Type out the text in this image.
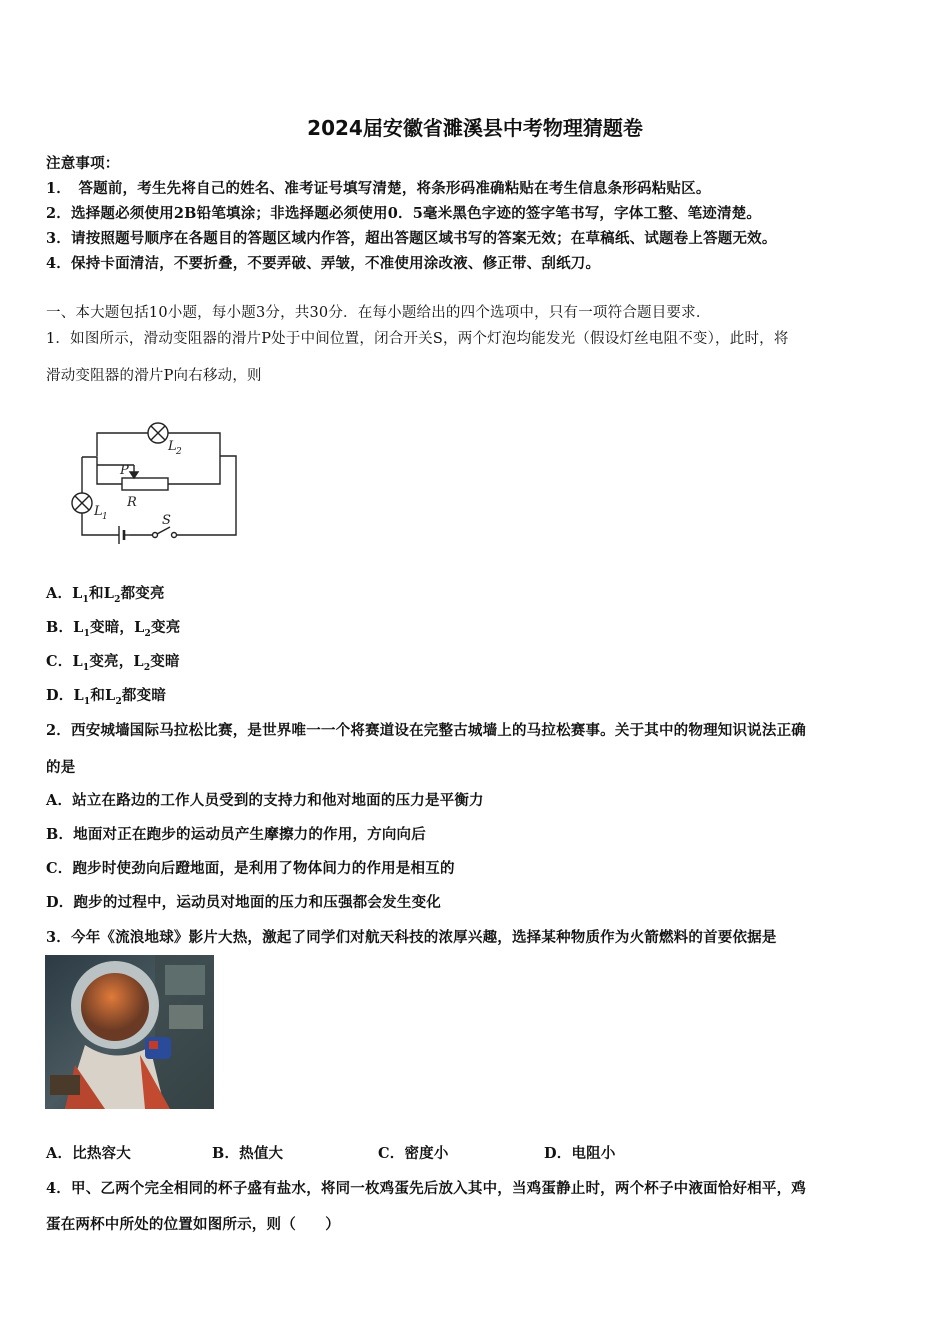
2024届安徽省濉溪县中考物理猜题卷
注意事项：
1．　答题前，考生先将自己的姓名、准考证号填写清楚，将条形码准确粘贴在考生信息条形码粘贴区。
2．选择题必须使用2B铅笔填涂；非选择题必须使用0．5毫米黑色字迹的签字笔书写，字体工整、笔迹清楚。
3．请按照题号顺序在各题目的答题区域内作答，超出答题区域书写的答案无效；在草稿纸、试题卷上答题无效。
4．保持卡面清洁，不要折叠，不要弄破、弄皱，不准使用涂改液、修正带、刮纸刀。
一、本大题包括10小题，每小题3分，共30分．在每小题给出的四个选项中，只有一项符合题目要求．
1．如图所示，滑动变阻器的滑片P处于中间位置，闭合开关S，两个灯泡均能发光（假设灯丝电阻不变），此时，将
滑动变阻器的滑片P向右移动，则
L 2
L 1
P
R
S
A．$L_1$和$L_2$都变亮
B．$L_1$变暗，$L_2$变亮
C．$L_1$变亮，$L_2$变暗
D．$L_1$和$L_2$都变暗
2．西安城墙国际马拉松比赛，是世界唯一一个将赛道设在完整古城墙上的马拉松赛事。关于其中的物理知识说法正确
的是
A．站立在路边的工作人员受到的支持力和他对地面的压力是平衡力
B．地面对正在跑步的运动员产生摩擦力的作用，方向向后
C．跑步时使劲向后蹬地面，是利用了物体间力的作用是相互的
D．跑步的过程中，运动员对地面的压力和压强都会发生变化
3．今年《流浪地球》影片大热，激起了同学们对航天科技的浓厚兴趣，选择某种物质作为火箭燃料的首要依据是
A．比热容大	B．热值大	C．密度小	D．电阻小
4．甲、乙两个完全相同的杯子盛有盐水，将同一枚鸡蛋先后放入其中，当鸡蛋静止时，两个杯子中液面恰好相平，鸡
蛋在两杯中所处的位置如图所示，则（　　）
